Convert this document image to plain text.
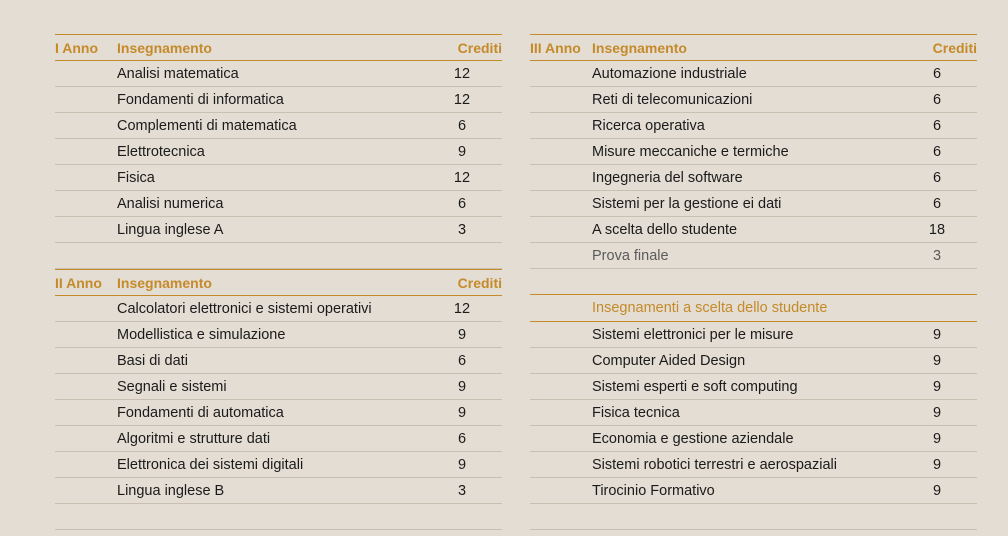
I Anno Insegnamento	Crediti
Analisi matematica	12
Fondamenti di informatica	12
Complementi di matematica	6
Elettrotecnica	9
Fisica	12
Analisi numerica	6
Lingua inglese A	3
II Anno Insegnamento	Crediti
Calcolatori elettronici e sistemi operativi	12
Modellistica e simulazione	9
Basi di dati	6
Segnali e sistemi	9
Fondamenti di automatica	9
Algoritmi e strutture dati	6
Elettronica dei sistemi digitali	9
Lingua inglese B	3
III Anno Insegnamento	Crediti
Automazione industriale	6
Reti di telecomunicazioni	6
Ricerca operativa	6
Misure meccaniche e termiche	6
Ingegneria del software	6
Sistemi per la gestione ei dati	6
A scelta dello studente	18
Prova finale	3
Insegnamenti a scelta dello studente
Sistemi elettronici per le misure	9
Computer Aided Design	9
Sistemi esperti e soft computing	9
Fisica tecnica	9
Economia e gestione aziendale	9
Sistemi robotici terrestri e aerospaziali	9
Tirocinio Formativo	9
